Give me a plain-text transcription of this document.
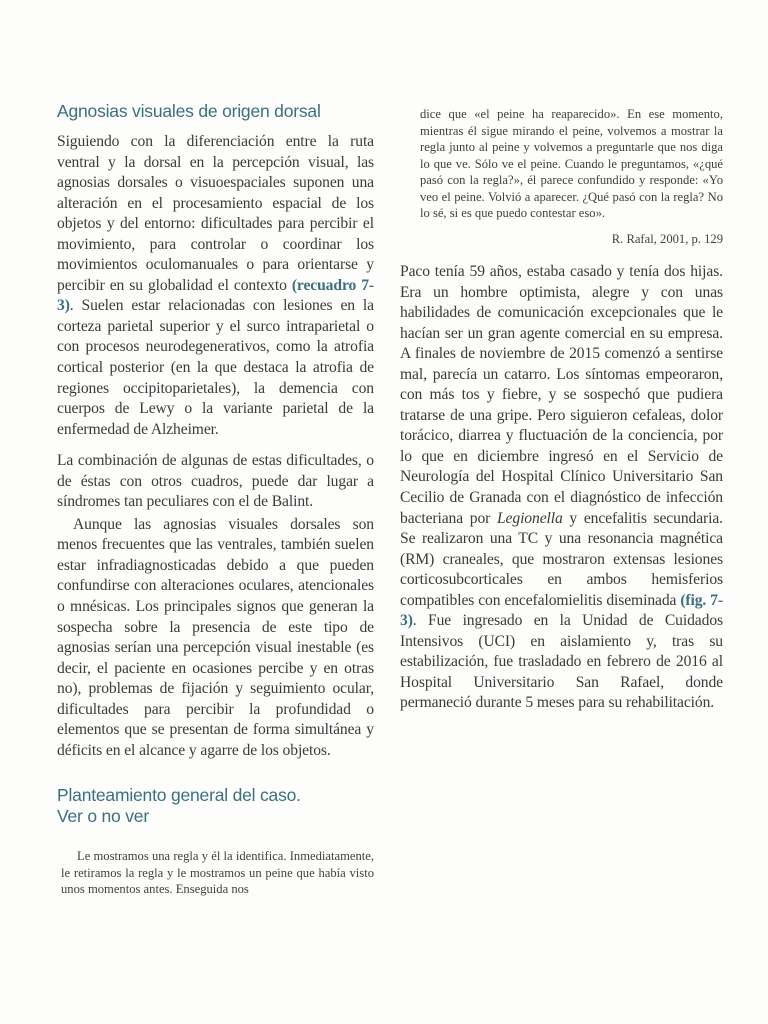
Agnosias visuales de origen dorsal

Siguiendo con la diferenciación entre la ruta ventral y la dorsal en la percepción visual, las agnosias dorsales o visuoespaciales suponen una alteración en el procesamiento espacial de los objetos y del entorno: dificultades para percibir el movimiento, para controlar o coordinar los movimientos oculomanuales o para orientarse y percibir en su globalidad el contexto (recuadro 7-3). Suelen estar relacionadas con lesiones en la corteza parietal superior y el surco intraparietal o con procesos neurodegenerativos, como la atrofia cortical posterior (en la que destaca la atrofia de regiones occipitoparietales), la demencia con cuerpos de Lewy o la variante parietal de la enfermedad de Alzheimer.

La combinación de algunas de estas dificultades, o de éstas con otros cuadros, puede dar lugar a síndromes tan peculiares con el de Balint.

Aunque las agnosias visuales dorsales son menos frecuentes que las ventrales, también suelen estar infradiagnosticadas debido a que pueden confundirse con alteraciones oculares, atencionales o mnésicas. Los principales signos que generan la sospecha sobre la presencia de este tipo de agnosias serían una percepción visual inestable (es decir, el paciente en ocasiones percibe y en otras no), problemas de fijación y seguimiento ocular, dificultades para percibir la profundidad o elementos que se presentan de forma simultánea y déficits en el alcance y agarre de los objetos.

Planteamiento general del caso.
Ver o no ver

Le mostramos una regla y él la identifica. Inmediatamente, le retiramos la regla y le mostramos un peine que había visto unos momentos antes. Enseguida nos

dice que «el peine ha reaparecido». En ese momento, mientras él sigue mirando el peine, volvemos a mostrar la regla junto al peine y volvemos a preguntarle que nos diga lo que ve. Sólo ve el peine. Cuando le preguntamos, «¿qué pasó con la regla?», él parece confundido y responde: «Yo veo el peine. Volvió a aparecer. ¿Qué pasó con la regla? No lo sé, si es que puedo contestar eso».

R. Rafal, 2001, p. 129

Paco tenía 59 años, estaba casado y tenía dos hijas. Era un hombre optimista, alegre y con unas habilidades de comunicación excepcionales que le hacían ser un gran agente comercial en su empresa. A finales de noviembre de 2015 comenzó a sentirse mal, parecía un catarro. Los síntomas empeoraron, con más tos y fiebre, y se sospechó que pudiera tratarse de una gripe. Pero siguieron cefaleas, dolor torácico, diarrea y fluctuación de la conciencia, por lo que en diciembre ingresó en el Servicio de Neurología del Hospital Clínico Universitario San Cecilio de Granada con el diagnóstico de infección bacteriana por Legionella y encefalitis secundaria. Se realizaron una TC y una resonancia magnética (RM) craneales, que mostraron extensas lesiones corticosubcorticales en ambos hemisferios compatibles con encefalomielitis diseminada (fig. 7-3). Fue ingresado en la Unidad de Cuidados Intensivos (UCI) en aislamiento y, tras su estabilización, fue trasladado en febrero de 2016 al Hospital Universitario San Rafael, donde permaneció durante 5 meses para su rehabilitación.
